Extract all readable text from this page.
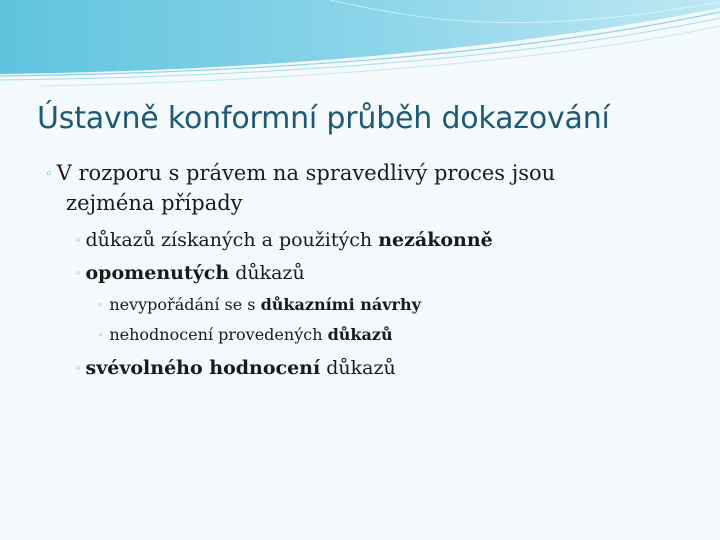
Ústavně konformní průběh dokazování
◦ V rozporu s právem na spravedlivý proces jsou
zejména případy
◦ důkazů získaných a použitých nezákonně
◦ opomenutých důkazů
◦ nevypořádání se s důkazními návrhy
◦ nehodnocení provedených důkazů
◦ svévolného hodnocení důkazů
